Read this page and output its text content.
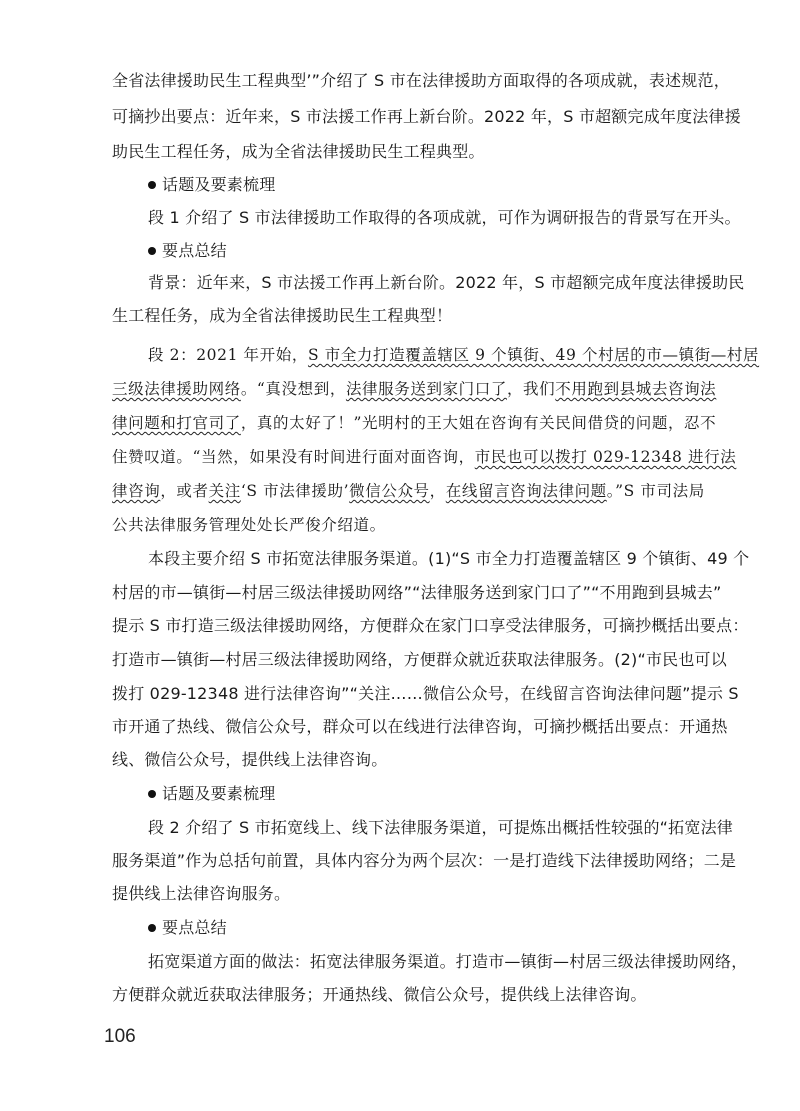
全省法律援助民生工程典型’”介绍了 S 市在法律援助方面取得的各项成就，表述规范，
可摘抄出要点：近年来，S 市法援工作再上新台阶。2022 年，S 市超额完成年度法律援
助民生工程任务，成为全省法律援助民生工程典型。
话题及要素梳理
段 1 介绍了 S 市法律援助工作取得的各项成就，可作为调研报告的背景写在开头。
要点总结
背景：近年来，S 市法援工作再上新台阶。2022 年，S 市超额完成年度法律援助民
生工程任务，成为全省法律援助民生工程典型！
段 2：2021 年开始，S 市全力打造覆盖辖区 9 个镇街、49 个村居的市—镇街—村居
三级法律援助网络。“真没想到，法律服务送到家门口了，我们不用跑到县城去咨询法
律问题和打官司了，真的太好了！”光明村的王大姐在咨询有关民间借贷的问题，忍不
住赞叹道。“当然，如果没有时间进行面对面咨询，市民也可以拨打 029-12348 进行法
律咨询，或者关注‘S 市法律援助’微信公众号，在线留言咨询法律问题。”S 市司法局
公共法律服务管理处处长严俊介绍道。
本段主要介绍 S 市拓宽法律服务渠道。(1)“S 市全力打造覆盖辖区 9 个镇街、49 个
村居的市—镇街—村居三级法律援助网络”“法律服务送到家门口了”“不用跑到县城去”
提示 S 市打造三级法律援助网络，方便群众在家门口享受法律服务，可摘抄概括出要点：
打造市—镇街—村居三级法律援助网络，方便群众就近获取法律服务。(2)“市民也可以
拨打 029-12348 进行法律咨询”“关注……微信公众号，在线留言咨询法律问题”提示 S
市开通了热线、微信公众号，群众可以在线进行法律咨询，可摘抄概括出要点：开通热
线、微信公众号，提供线上法律咨询。
话题及要素梳理
段 2 介绍了 S 市拓宽线上、线下法律服务渠道，可提炼出概括性较强的“拓宽法律
服务渠道”作为总括句前置，具体内容分为两个层次：一是打造线下法律援助网络；二是
提供线上法律咨询服务。
要点总结
拓宽渠道方面的做法：拓宽法律服务渠道。打造市—镇街—村居三级法律援助网络，
方便群众就近获取法律服务；开通热线、微信公众号，提供线上法律咨询。
106
